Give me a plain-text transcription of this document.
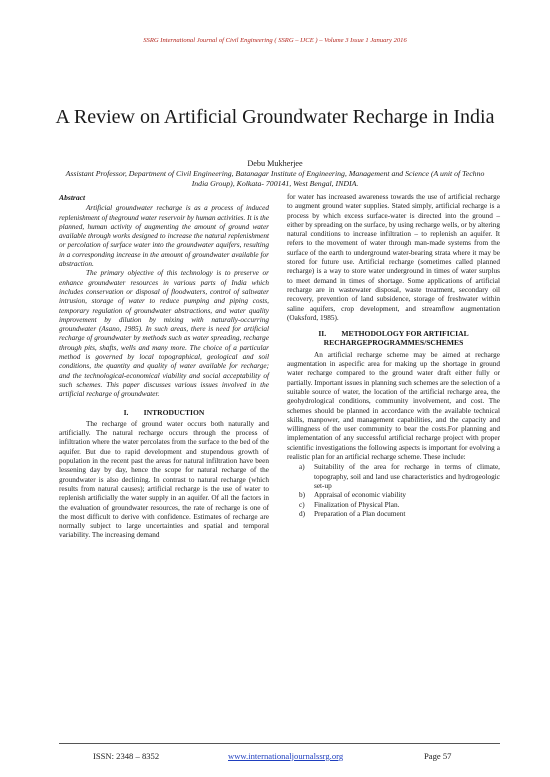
SSRG International Journal of Civil Engineering ( SSRG – IJCE ) – Volume 3 Issue 1 January 2016
A Review on Artificial Groundwater Recharge in India
Debu Mukherjee
Assistant Professor, Department of Civil Engineering, Batanagar Institute of Engineering, Management and Science (A unit of Techno India Group), Kolkata- 700141, West Bengal, INDIA.
Abstract

Artificial groundwater recharge is as a process of induced replenishment of theground water reservoir by human activities. It is the planned, human activity of augmenting the amount of ground water available through works designed to increase the natural replenishment or percolation of surface water into the groundwater aquifers, resulting in a corresponding increase in the amount of groundwater available for abstraction.

The primary objective of this technology is to preserve or enhance groundwater resources in various parts of India which includes conservation or disposal of floodwaters, control of saltwater intrusion, storage of water to reduce pumping and piping costs, temporary regulation of groundwater abstractions, and water quality improvement by dilution by mixing with naturally-occurring groundwater (Asano, 1985). In such areas, there is need for artificial recharge of groundwater by methods such as water spreading, recharge through pits, shafts, wells and many more. The choice of a particular method is governed by local topographical, geological and soil conditions, the quantity and quality of water available for recharge; and the technological-economical viability and social acceptability of such schemes. This paper discusses various issues involved in the artificial recharge of groundwater.

I.  INTRODUCTION

The recharge of ground water occurs both naturally and artificially. The natural recharge occurs through the process of infiltration where the water percolates from the surface to the bed of the aquifer. But due to rapid development and stupendous growth of population in the recent past the areas for natural infiltration have been lessening day by day, hence the scope for natural recharge of the groundwater is also declining. In contrast to natural recharge (which results from natural causes); artificial recharge is the use of water to replenish artificially the water supply in an aquifer. Of all the factors in the evaluation of groundwater resources, the rate of recharge is one of the most difficult to derive with confidence. Estimates of recharge are normally subject to large uncertainties and spatial and temporal variability. The increasing demand

for water has increased awareness towards the use of artificial recharge to augment ground water supplies. Stated simply, artificial recharge is a process by which excess surface-water is directed into the ground – either by spreading on the surface, by using recharge wells, or by altering natural conditions to increase infiltration – to replenish an aquifer. It refers to the movement of water through man-made systems from the surface of the earth to underground water-bearing strata where it may be stored for future use. Artificial recharge (sometimes called planned recharge) is a way to store water underground in times of water surplus to meet demand in times of shortage. Some applications of artificial recharge are in wastewater disposal, waste treatment, secondary oil recovery, prevention of land subsidence, storage of freshwater within saline aquifers, crop development, and streamflow augmentation (Oaksford, 1985).

II.  METHODOLOGY FOR ARTIFICIAL
RECHARGEPROGRAMMES/SCHEMES

An artificial recharge scheme may be aimed at recharge augmentation in aspecific area for making up the shortage in ground water recharge compared to the ground water draft either fully or partially. Important issues in planning such schemes are the selection of a suitable source of water, the location of the artificial recharge area, the geohydrological conditions, community involvement, and cost. The schemes should be planned in accordance with the available technical skills, manpower, and management capabilities, and the capacity and willingness of the user community to bear the costs.For planning and implementation of any successful artificial recharge project with proper scientific investigations the following aspects is important for evolving a realistic plan for an artificial recharge scheme. These include:

a) Suitability of the area for recharge in terms of climate, topography, soil and land use characteristics and hydrogeologic set-up
b) Appraisal of economic viability
c) Finalization of Physical Plan.
d) Preparation of a Plan document
ISSN: 2348 – 8352	www.internationaljournalssrg.org	Page 57
